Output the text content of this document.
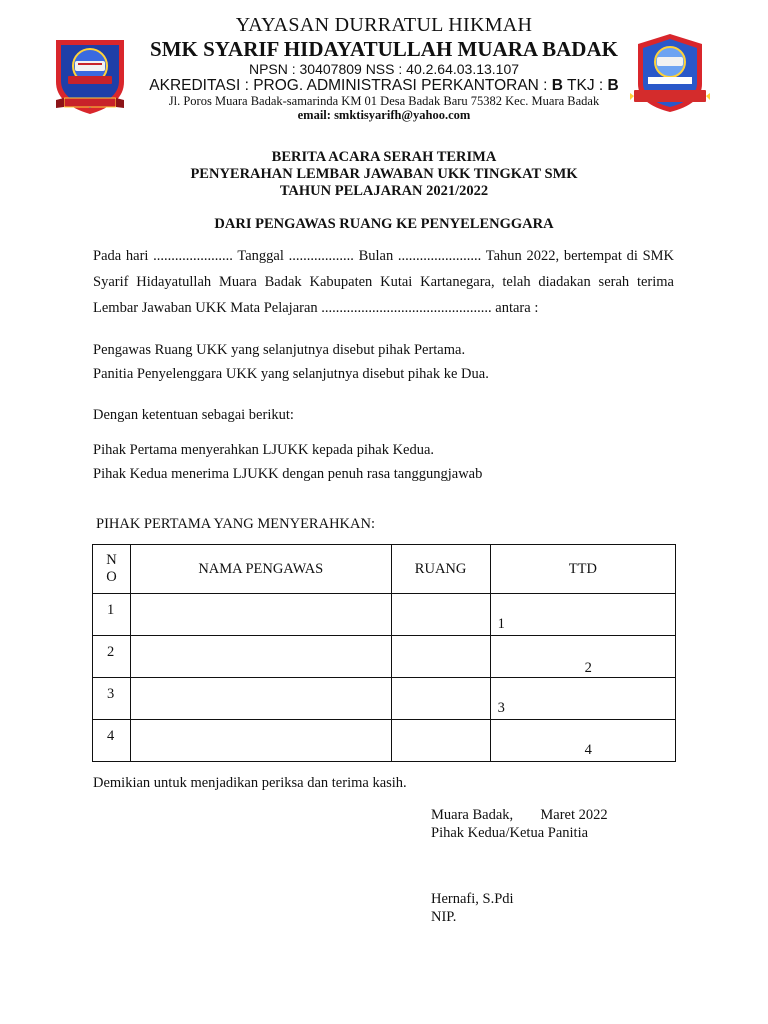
YAYASAN DURRATUL HIKMAH
SMK SYARIF HIDAYATULLAH MUARA BADAK
NPSN : 30407809 NSS : 40.2.64.03.13.107
AKREDITASI : PROG. ADMINISTRASI PERKANTORAN : B TKJ : B
Jl. Poros Muara Badak-samarinda KM 01 Desa Badak Baru 75382 Kec. Muara Badak
email: smktisyarifh@yahoo.com
BERITA ACARA SERAH TERIMA
PENYERAHAN LEMBAR JAWABAN UKK TINGKAT SMK
TAHUN PELAJARAN 2021/2022
DARI PENGAWAS RUANG KE PENYELENGGARA
Pada hari ...................... Tanggal .................. Bulan ....................... Tahun 2022, bertempat di SMK Syarif Hidayatullah Muara Badak Kabupaten Kutai Kartanegara, telah diadakan serah terima Lembar Jawaban UKK Mata Pelajaran ............................................... antara :
Pengawas Ruang UKK yang selanjutnya disebut pihak Pertama.
Panitia Penyelenggara UKK yang selanjutnya disebut pihak ke Dua.
Dengan ketentuan sebagai berikut:
Pihak Pertama menyerahkan LJUKK kepada pihak Kedua.
Pihak Kedua menerima LJUKK dengan penuh rasa tanggungjawab
PIHAK PERTAMA YANG MENYERAHKAN:
N
O	NAMA PENGAWAS	RUANG	TTD
1			1

2			2

3			3

4			4
Demikian untuk menjadikan periksa dan terima kasih.
Muara Badak, Maret 2022
Pihak Kedua/Ketua Panitia
Hernafi, S.Pdi
NIP.
